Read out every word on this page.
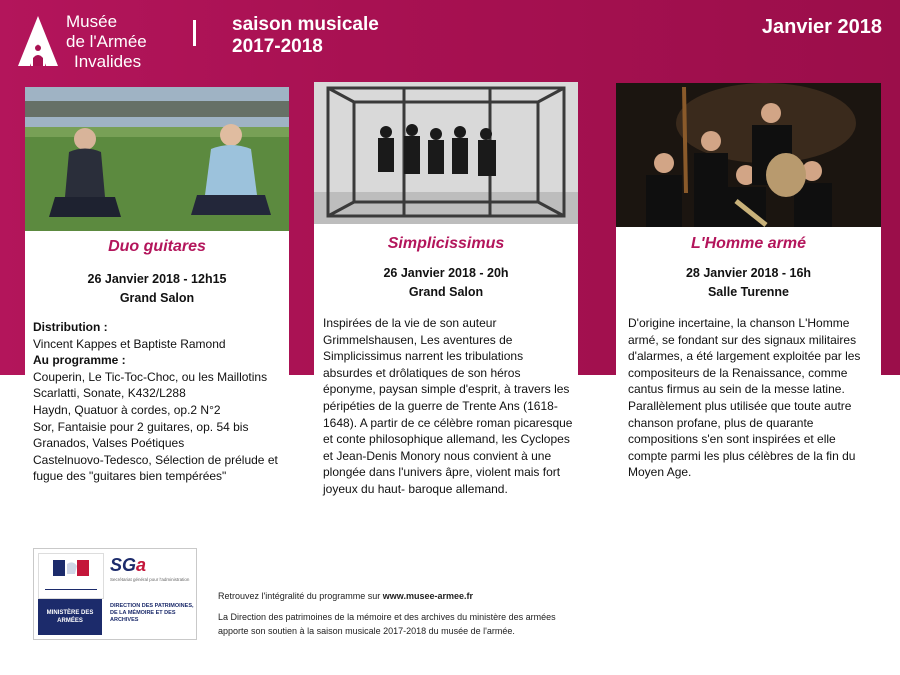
Musée
de l'Armée
Invalides
saison musicale
2017-2018
Janvier 2018
Duo guitares
26 Janvier 2018 - 12h15
Grand Salon
Distribution :
Vincent Kappes et Baptiste Ramond
Au programme :
Couperin, Le Tic-Toc-Choc, ou les Maillotins
Scarlatti, Sonate, K432/L288
Haydn, Quatuor à cordes, op.2 N°2
Sor, Fantaisie pour 2 guitares, op. 54 bis
Granados, Valses Poétiques
Castelnuovo-Tedesco, Sélection de prélude et fugue des "guitares bien tempérées"
Simplicissimus
26 Janvier 2018 - 20h
Grand Salon
Inspirées de la vie de son auteur Grimmelshausen, Les aventures de Simplicissimus narrent les tribulations absurdes et drôlatiques de son héros éponyme, paysan simple d'esprit, à travers les péripéties de la guerre de Trente Ans (1618-1648). A partir de ce célèbre roman picaresque et conte philosophique allemand, les Cyclopes et Jean-Denis Monory nous convient à une plongée dans l'univers âpre, violent mais fort joyeux du haut- baroque allemand.
L'Homme armé
28 Janvier 2018 - 16h
Salle Turenne
D'origine incertaine, la chanson L'Homme armé, se fondant sur des signaux militaires d'alarmes, a été largement exploitée par les compositeurs de la Renaissance, comme cantus firmus au sein de la messe latine. Parallèlement plus utilisée que toute autre chanson profane, plus de quarante compositions s'en sont inspirées et elle compte parmi les plus célèbres de la fin du Moyen Age.
MINISTÈRE DES ARMÉES
SGa
Secrétariat général pour l'administration
DIRECTION DES PATRIMOINES, DE LA MÉMOIRE ET DES ARCHIVES
Retrouvez l'intégralité du programme sur www.musee-armee.fr
La Direction des patrimoines de la mémoire et des archives du ministère des armées
apporte son soutien à la saison musicale 2017-2018 du musée de l'armée.
